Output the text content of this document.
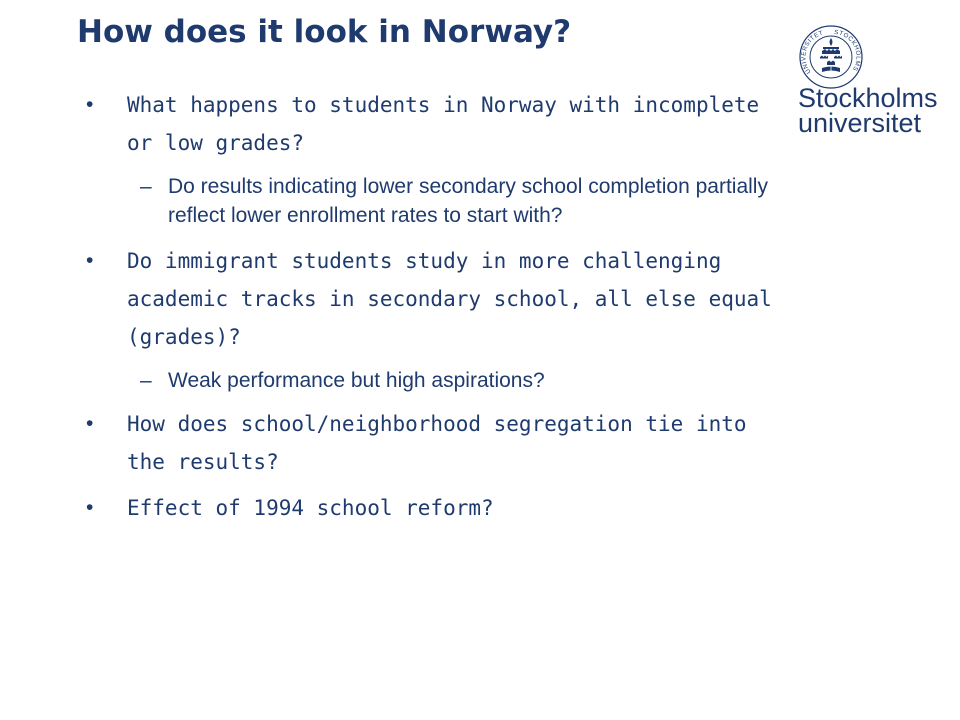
How does it look in Norway?
• What happens to students in Norway with incomplete or low grades?
– Do results indicating lower secondary school completion partially reflect lower enrollment rates to start with?
• Do immigrant students study in more challenging academic tracks in secondary school, all else equal (grades)?
– Weak performance but high aspirations?
• How does school/neighborhood segregation tie into the results?
• Effect of 1994 school reform?
UNIVERSITET STOCKHOLMS
Stockholms
universitet
